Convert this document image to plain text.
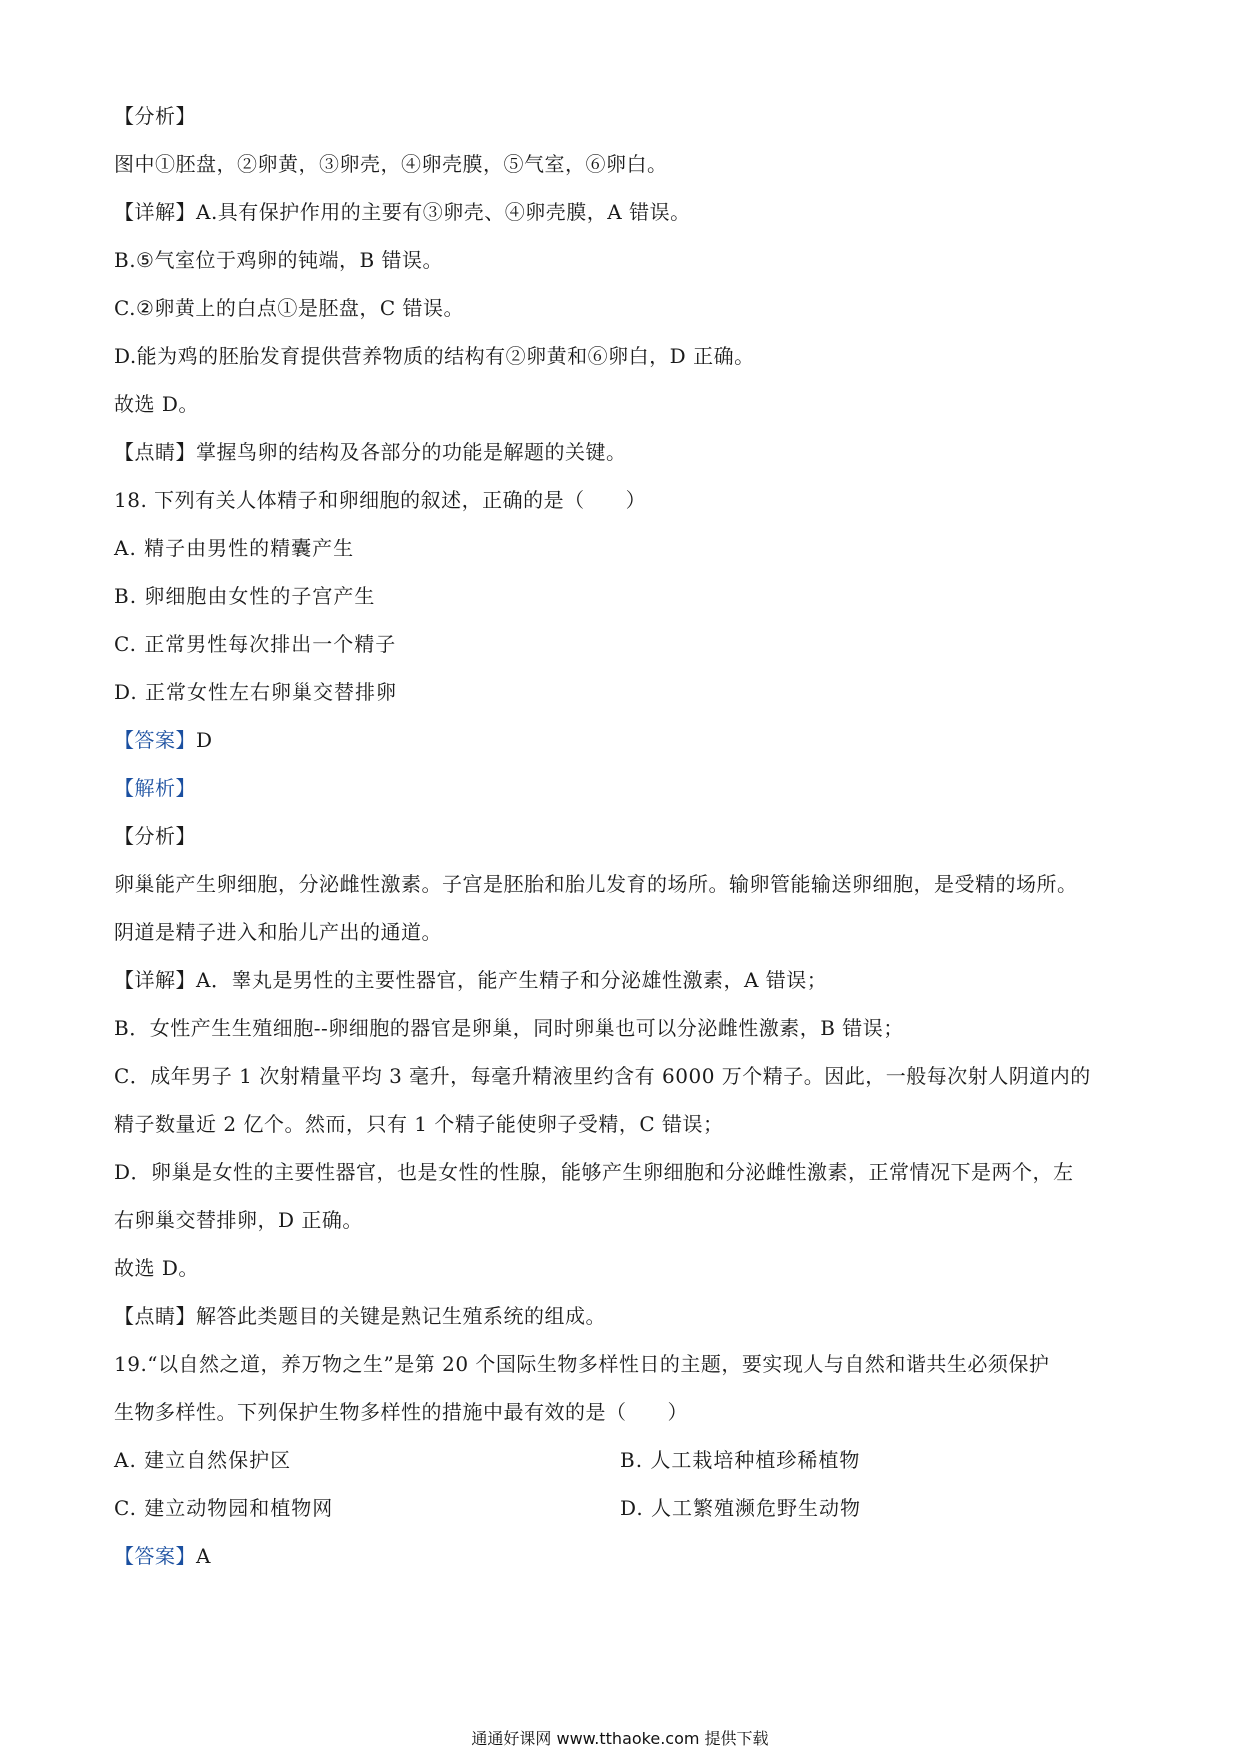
【分析】
图中①胚盘，②卵黄，③卵壳，④卵壳膜，⑤气室，⑥卵白。
【详解】A.具有保护作用的主要有③卵壳、④卵壳膜，A 错误。
B.⑤气室位于鸡卵的钝端，B 错误。
C.②卵黄上的白点①是胚盘，C 错误。
D.能为鸡的胚胎发育提供营养物质的结构有②卵黄和⑥卵白，D 正确。
故选 D。
【点睛】掌握鸟卵的结构及各部分的功能是解题的关键。
18. 下列有关人体精子和卵细胞的叙述，正确的是（　　）
A. 精子由男性的精囊产生
B. 卵细胞由女性的子宫产生
C. 正常男性每次排出一个精子
D. 正常女性左右卵巢交替排卵
【答案】D
【解析】
【分析】
卵巢能产生卵细胞，分泌雌性激素。子宫是胚胎和胎儿发育的场所。输卵管能输送卵细胞，是受精的场所。
阴道是精子进入和胎儿产出的通道。
【详解】A．睾丸是男性的主要性器官，能产生精子和分泌雄性激素，A 错误；
B．女性产生生殖细胞--卵细胞的器官是卵巢，同时卵巢也可以分泌雌性激素，B 错误；
C．成年男子 1 次射精量平均 3 毫升，每毫升精液里约含有 6000 万个精子。因此，一般每次射人阴道内的
精子数量近 2 亿个。然而，只有 1 个精子能使卵子受精，C 错误；
D．卵巢是女性的主要性器官，也是女性的性腺，能够产生卵细胞和分泌雌性激素，正常情况下是两个，左
右卵巢交替排卵，D 正确。
故选 D。
【点睛】解答此类题目的关键是熟记生殖系统的组成。
19.“以自然之道，养万物之生”是第 20 个国际生物多样性日的主题，要实现人与自然和谐共生必须保护
生物多样性。下列保护生物多样性的措施中最有效的是（　　）
A. 建立自然保护区	B. 人工栽培种植珍稀植物
C. 建立动物园和植物网	D. 人工繁殖濒危野生动物
【答案】A
通通好课网 www.tthaoke.com 提供下载
